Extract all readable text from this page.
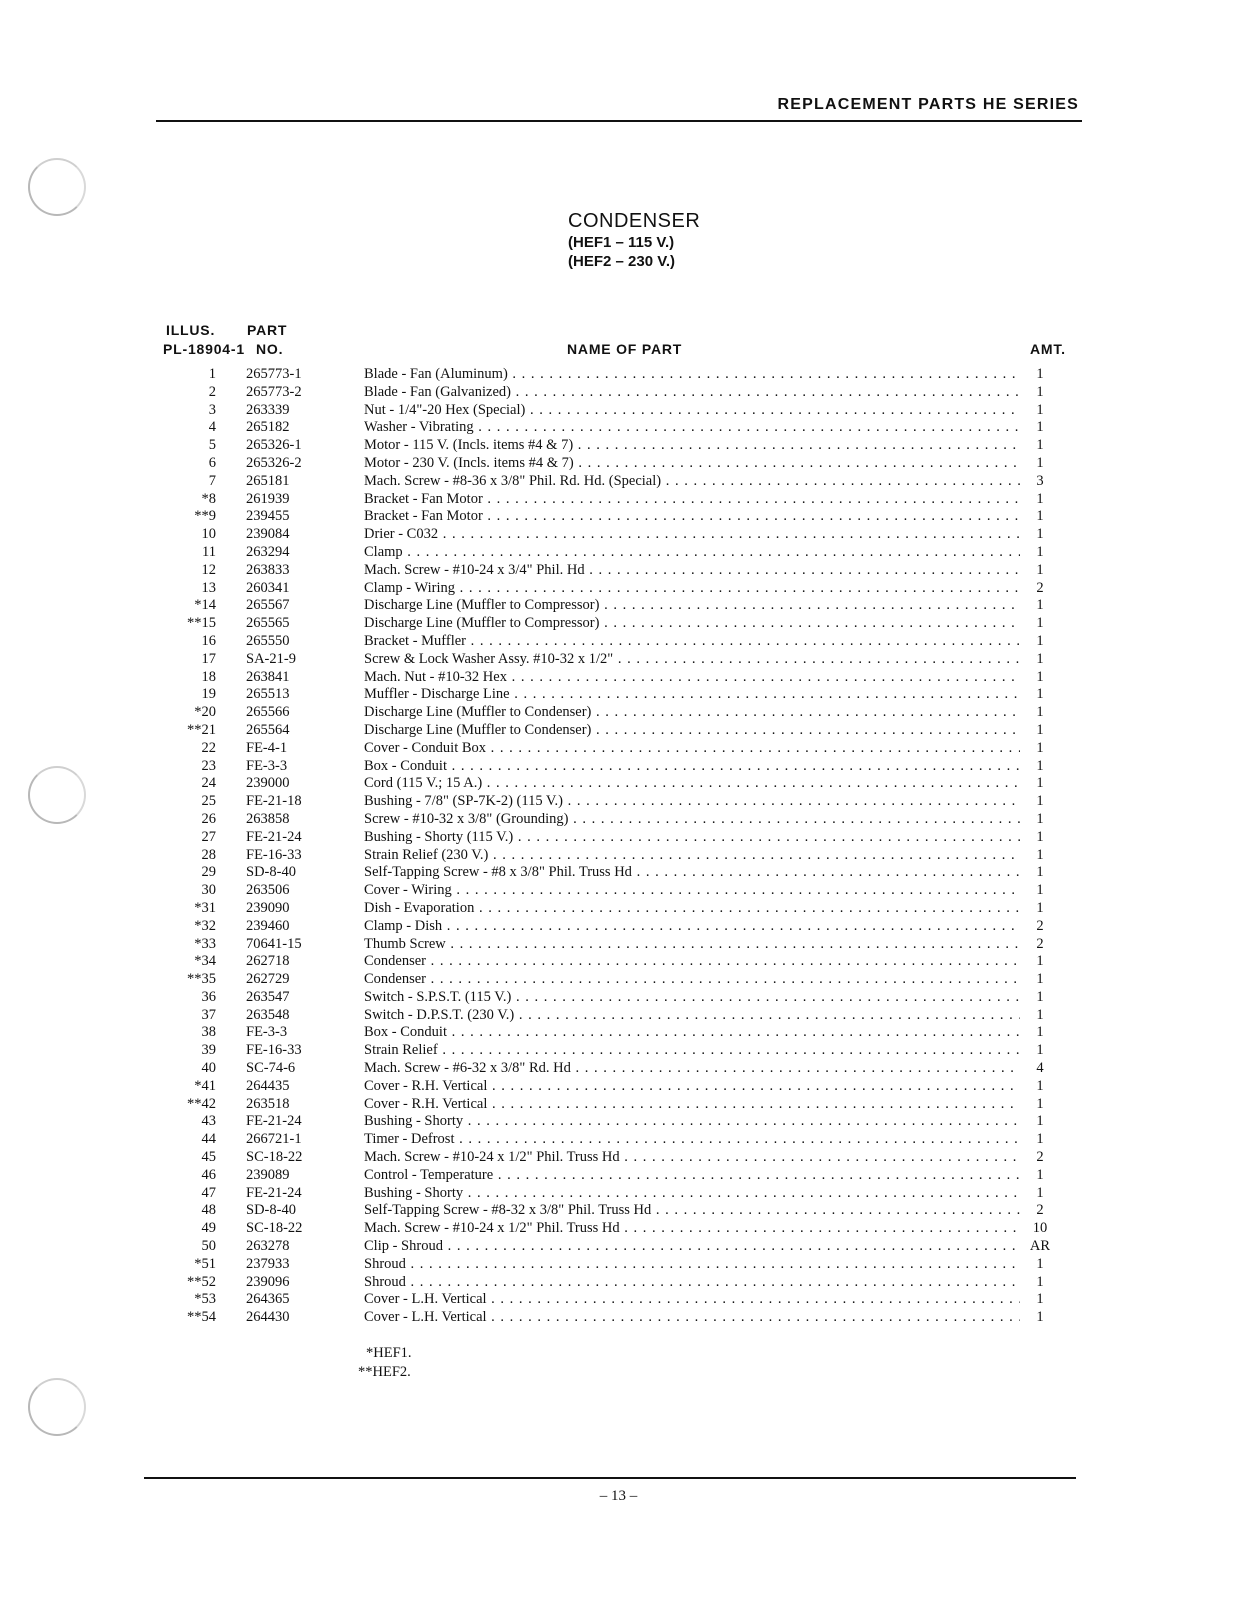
REPLACEMENT PARTS HE SERIES
CONDENSER
(HEF1 – 115 V.)
(HEF2 – 230 V.)
ILLUS.
PL-18904-1
PART
NO.	NAME OF PART	AMT.
1 265773-1	Blade - Fan (Aluminum) . . .	1
2 265773-2	Blade - Fan (Galvanized) . . .	1
3 263339	Nut - 1/4"-20 Hex (Special) . . .	1
4 265182	Washer - Vibrating . . .	1
5 265326-1	Motor - 115 V. (Incls. items #4 & 7) . . .	1
6 265326-2	Motor - 230 V. (Incls. items #4 & 7) . . .	1
7 265181	Mach. Screw - #8-36 x 3/8" Phil. Rd. Hd. (Special) . . .	3
*8 261939	Bracket - Fan Motor . . .	1
**9 239455	Bracket - Fan Motor . . .	1
10 239084	Drier - C032 . . .	1
11 263294	Clamp . . .	1
12 263833	Mach. Screw - #10-24 x 3/4" Phil. Hd . . .	1
13 260341	Clamp - Wiring . . .	2
*14 265567	Discharge Line (Muffler to Compressor) . . .	1
**15 265565	Discharge Line (Muffler to Compressor) . . .	1
16 265550	Bracket - Muffler . . .	1
17 SA-21-9	Screw & Lock Washer Assy. #10-32 x 1/2" . . .	1
18 263841	Mach. Nut - #10-32 Hex . . .	1
19 265513	Muffler - Discharge Line . . .	1
*20 265566	Discharge Line (Muffler to Condenser) . . .	1
**21 265564	Discharge Line (Muffler to Condenser) . . .	1
22 FE-4-1	Cover - Conduit Box . . .	1
23 FE-3-3	Box - Conduit . . .	1
24 239000	Cord (115 V.; 15 A.) . . .	1
25 FE-21-18	Bushing - 7/8" (SP-7K-2) (115 V.) . . .	1
26 263858	Screw - #10-32 x 3/8" (Grounding) . . .	1
27 FE-21-24	Bushing - Shorty (115 V.) . . .	1
28 FE-16-33	Strain Relief (230 V.) . . .	1
29 SD-8-40	Self-Tapping Screw - #8 x 3/8" Phil. Truss Hd . . .	1
30 263506	Cover - Wiring . . .	1
*31 239090	Dish - Evaporation . . .	1
*32 239460	Clamp - Dish . . .	2
*33 70641-15	Thumb Screw . . .	2
*34 262718	Condenser . . .	1
**35 262729	Condenser . . .	1
36 263547	Switch - S.P.S.T. (115 V.) . . .	1
37 263548	Switch - D.P.S.T. (230 V.) . . .	1
38 FE-3-3	Box - Conduit . . .	1
39 FE-16-33	Strain Relief . . .	1
40 SC-74-6	Mach. Screw - #6-32 x 3/8" Rd. Hd . . .	4
*41 264435	Cover - R.H. Vertical . . .	1
**42 263518	Cover - R.H. Vertical . . .	1
43 FE-21-24	Bushing - Shorty . . .	1
44 266721-1	Timer - Defrost . . .	1
45 SC-18-22	Mach. Screw - #10-24 x 1/2" Phil. Truss Hd . . .	2
46 239089	Control - Temperature . . .	1
47 FE-21-24	Bushing - Shorty . . .	1
48 SD-8-40	Self-Tapping Screw - #8-32 x 3/8" Phil. Truss Hd . . .	2
49 SC-18-22	Mach. Screw - #10-24 x 1/2" Phil. Truss Hd . . .	10
50 263278	Clip - Shroud . . .	AR
*51 237933	Shroud . . .	1
**52 239096	Shroud . . .	1
*53 264365	Cover - L.H. Vertical . . .	1
**54 264430	Cover - L.H. Vertical . . .	1
*HEF1.
**HEF2.
– 13 –
